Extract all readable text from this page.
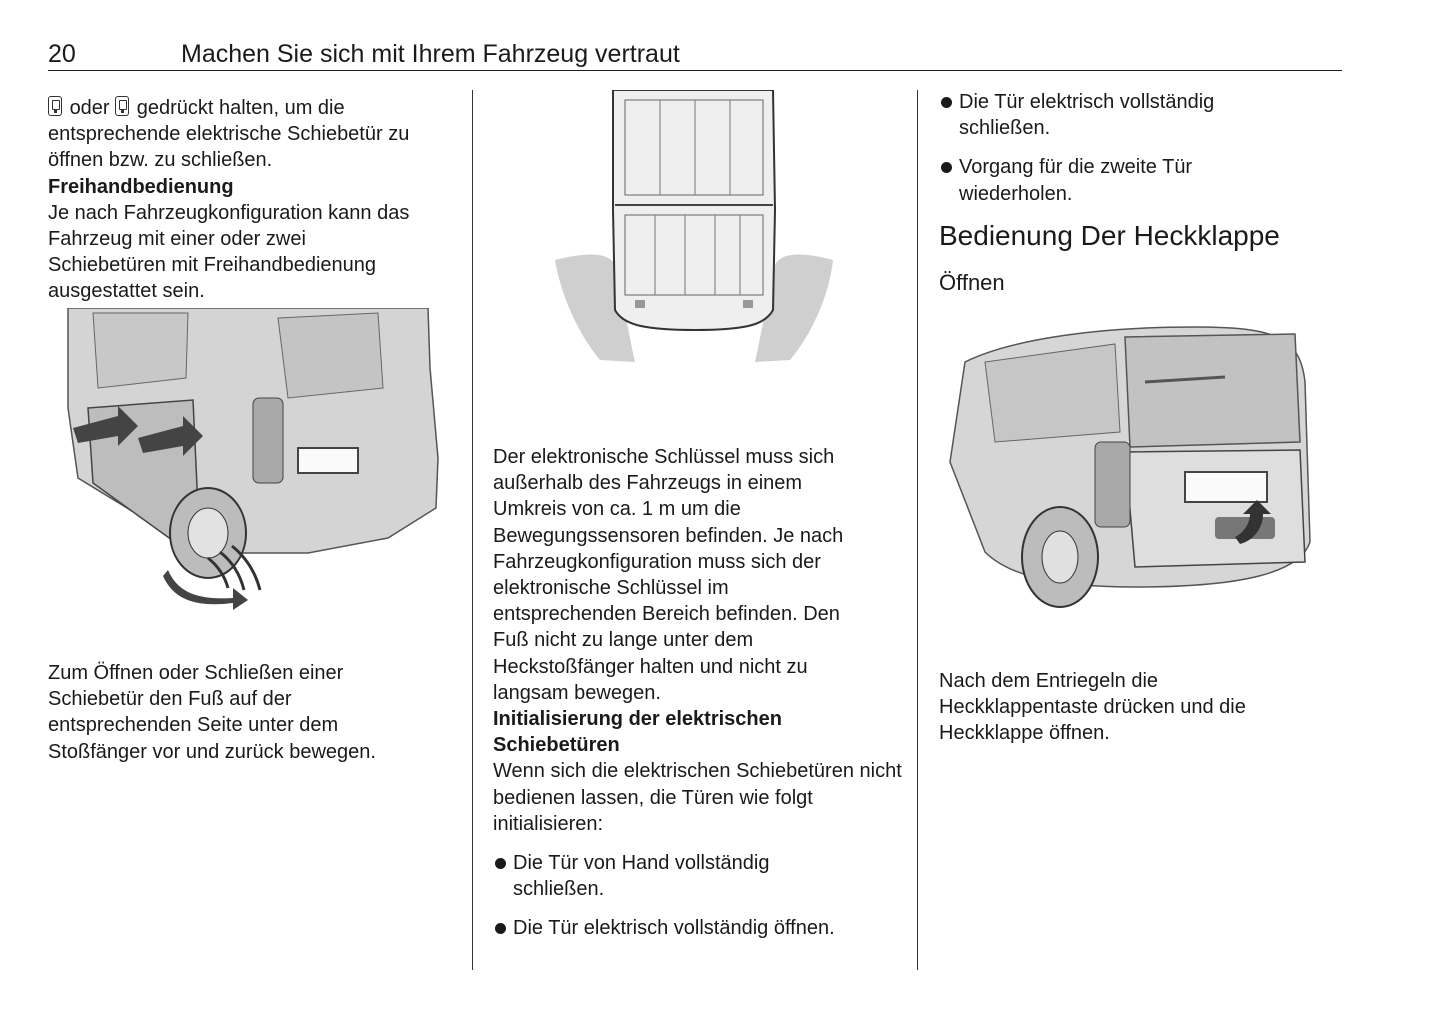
20	Machen Sie sich mit Ihrem Fahrzeug vertraut

oder gedrückt halten, um die
entsprechende elektrische Schiebetür zu
öffnen bzw. zu schließen.

Freihandbedienung

Je nach Fahrzeugkonfiguration kann das Fahrzeug mit einer oder zwei Schiebetüren mit Freihandbedienung ausgestattet sein.

Zum Öffnen oder Schließen einer Schiebetür den Fuß auf der entsprechenden Seite unter dem Stoßfänger vor und zurück bewegen.

Der elektronische Schlüssel muss sich außerhalb des Fahrzeugs in einem Umkreis von ca. 1 m um die Bewegungssensoren befinden. Je nach Fahrzeugkonfiguration muss sich der elektronische Schlüssel im entsprechenden Bereich befinden. Den Fuß nicht zu lange unter dem Heckstoßfänger halten und nicht zu langsam bewegen.

Initialisierung der elektrischen Schiebetüren

Wenn sich die elektrischen Schiebetüren nicht bedienen lassen, die Türen wie folgt initialisieren:

Die Tür von Hand vollständig schließen.

Die Tür elektrisch vollständig öffnen.

Die Tür elektrisch vollständig schließen.

Vorgang für die zweite Tür wiederholen.

Bedienung Der Heckklappe

Öffnen

Nach dem Entriegeln die Heckklappentaste drücken und die Heckklappe öffnen.
